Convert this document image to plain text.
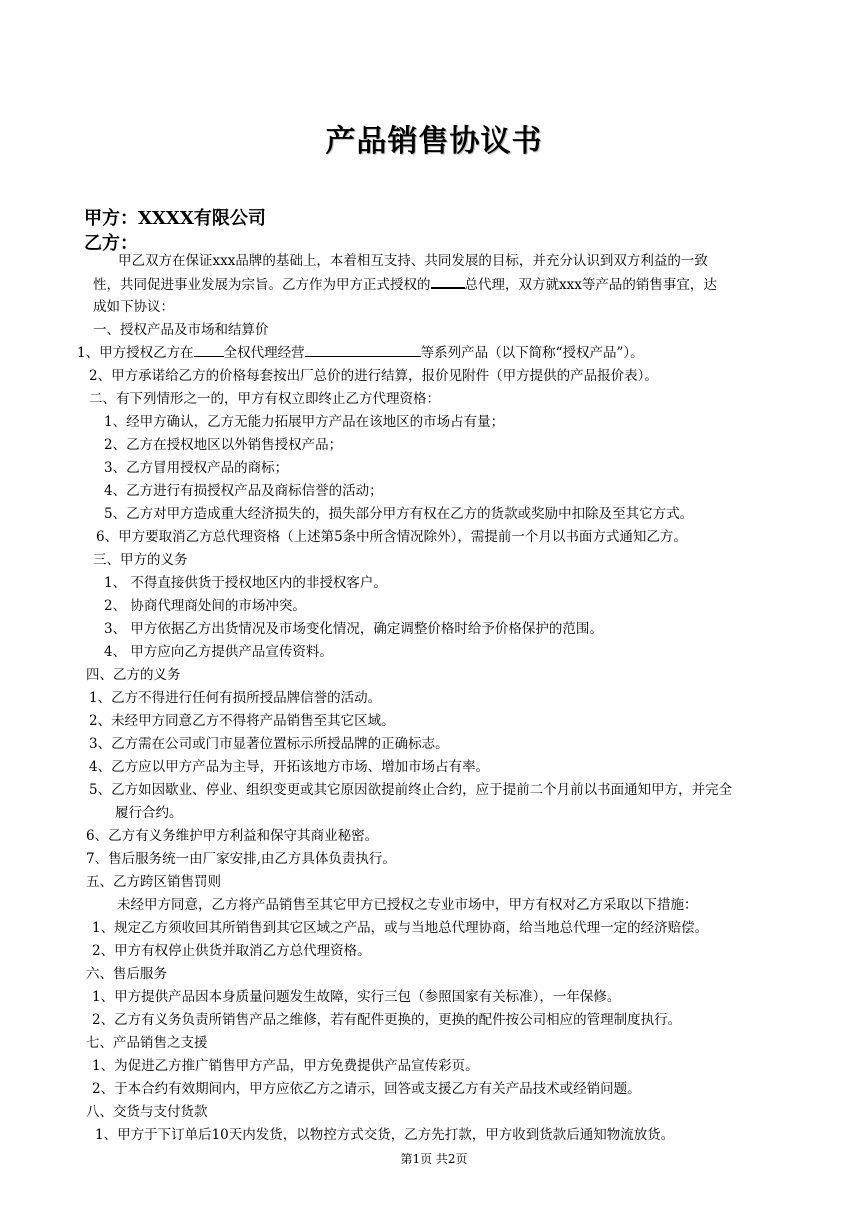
产品销售协议书
甲方：XXXX有限公司
乙方：
甲乙双方在保证xxx品牌的基础上，本着相互支持、共同发展的目标，并充分认识到双方利益的一致
性，共同促进事业发展为宗旨。乙方作为甲方正式授权的	总代理，双方就xxx等产品的销售事宜，达
成如下协议：
一、授权产品及市场和结算价
1、甲方授权乙方在 全权代理经营	等系列产品（以下简称“授权产品”）。
2、甲方承诺给乙方的价格每套按出厂总价的进行结算，报价见附件（甲方提供的产品报价表）。
二、有下列情形之一的，甲方有权立即终止乙方代理资格：
1、经甲方确认，乙方无能力拓展甲方产品在该地区的市场占有量；
2、乙方在授权地区以外销售授权产品；
3、乙方冒用授权产品的商标；
4、乙方进行有损授权产品及商标信誉的活动；
5、乙方对甲方造成重大经济损失的，损失部分甲方有权在乙方的货款或奖励中扣除及至其它方式。
6、甲方要取消乙方总代理资格（上述第5条中所含情况除外），需提前一个月以书面方式通知乙方。
三、甲方的义务
1、 不得直接供货于授权地区内的非授权客户。
2、 协商代理商处间的市场冲突。
3、 甲方依据乙方出货情况及市场变化情况，确定调整价格时给予价格保护的范围。
4、 甲方应向乙方提供产品宣传资料。
四、乙方的义务
1、乙方不得进行任何有损所授品牌信誉的活动。
2、未经甲方同意乙方不得将产品销售至其它区域。
3、乙方需在公司或门市显著位置标示所授品牌的正确标志。
4、乙方应以甲方产品为主导，开拓该地方市场、增加市场占有率。
5、乙方如因歇业、停业、组织变更或其它原因欲提前终止合约，应于提前二个月前以书面通知甲方，并完全
履行合约。
6、乙方有义务维护甲方利益和保守其商业秘密。
7、售后服务统一由厂家安排,由乙方具体负责执行。
五、乙方跨区销售罚则
未经甲方同意，乙方将产品销售至其它甲方已授权之专业市场中，甲方有权对乙方采取以下措施：
1、规定乙方须收回其所销售到其它区域之产品，或与当地总代理协商，给当地总代理一定的经济赔偿。
2、甲方有权停止供货并取消乙方总代理资格。
六、售后服务
1、甲方提供产品因本身质量问题发生故障，实行三包（参照国家有关标准），一年保修。
2、乙方有义务负责所销售产品之维修，若有配件更换的，更换的配件按公司相应的管理制度执行。
七、产品销售之支援
1、为促进乙方推广销售甲方产品，甲方免费提供产品宣传彩页。
2、于本合约有效期间内，甲方应依乙方之请示，回答或支援乙方有关产品技术或经销问题。
八、交货与支付货款
1、甲方于下订单后10天内发货，以物控方式交货，乙方先打款，甲方收到货款后通知物流放货。
第1页 共2页
